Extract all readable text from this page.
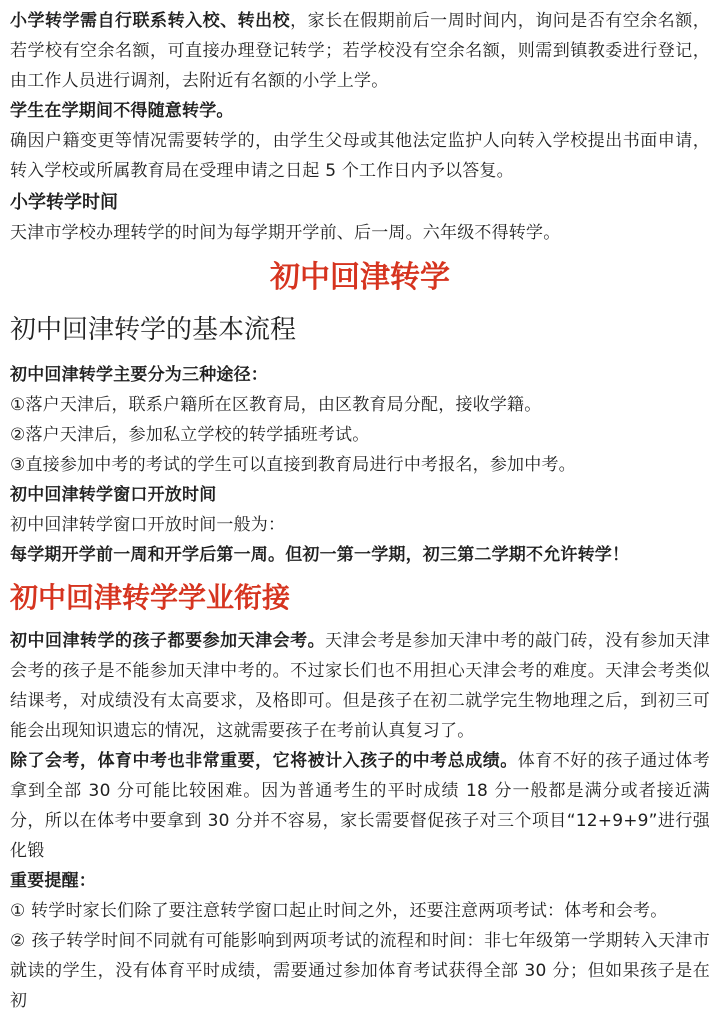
小学转学需自行联系转入校、转出校，家长在假期前后一周时间内，询问是否有空余名额，若学校有空余名额，可直接办理登记转学；若学校没有空余名额，则需到镇教委进行登记，由工作人员进行调剂，去附近有名额的小学上学。

学生在学期间不得随意转学。

确因户籍变更等情况需要转学的，由学生父母或其他法定监护人向转入学校提出书面申请，转入学校或所属教育局在受理申请之日起 5 个工作日内予以答复。

小学转学时间

天津市学校办理转学的时间为每学期开学前、后一周。六年级不得转学。

初中回津转学
初中回津转学的基本流程

初中回津转学主要分为三种途径：

①落户天津后，联系户籍所在区教育局，由区教育局分配，接收学籍。

②落户天津后，参加私立学校的转学插班考试。

③直接参加中考的考试的学生可以直接到教育局进行中考报名，参加中考。

初中回津转学窗口开放时间

初中回津转学窗口开放时间一般为：

每学期开学前一周和开学后第一周。但初一第一学期，初三第二学期不允许转学！

初中回津转学学业衔接

初中回津转学的孩子都要参加天津会考。天津会考是参加天津中考的敲门砖，没有参加天津会考的孩子是不能参加天津中考的。不过家长们也不用担心天津会考的难度。天津会考类似结课考，对成绩没有太高要求，及格即可。但是孩子在初二就学完生物地理之后，到初三可能会出现知识遗忘的情况，这就需要孩子在考前认真复习了。

除了会考，体育中考也非常重要，它将被计入孩子的中考总成绩。体育不好的孩子通过体考拿到全部 30 分可能比较困难。因为普通考生的平时成绩 18 分一般都是满分或者接近满分，所以在体考中要拿到 30 分并不容易，家长需要督促孩子对三个项目“12+9+9”进行强化锻

重要提醒：

① 转学时家长们除了要注意转学窗口起止时间之外，还要注意两项考试：体考和会考。

② 孩子转学时间不同就有可能影响到两项考试的流程和时间：非七年级第一学期转入天津市就读的学生，没有体育平时成绩，需要通过参加体育考试获得全部 30 分；但如果孩子是在初
